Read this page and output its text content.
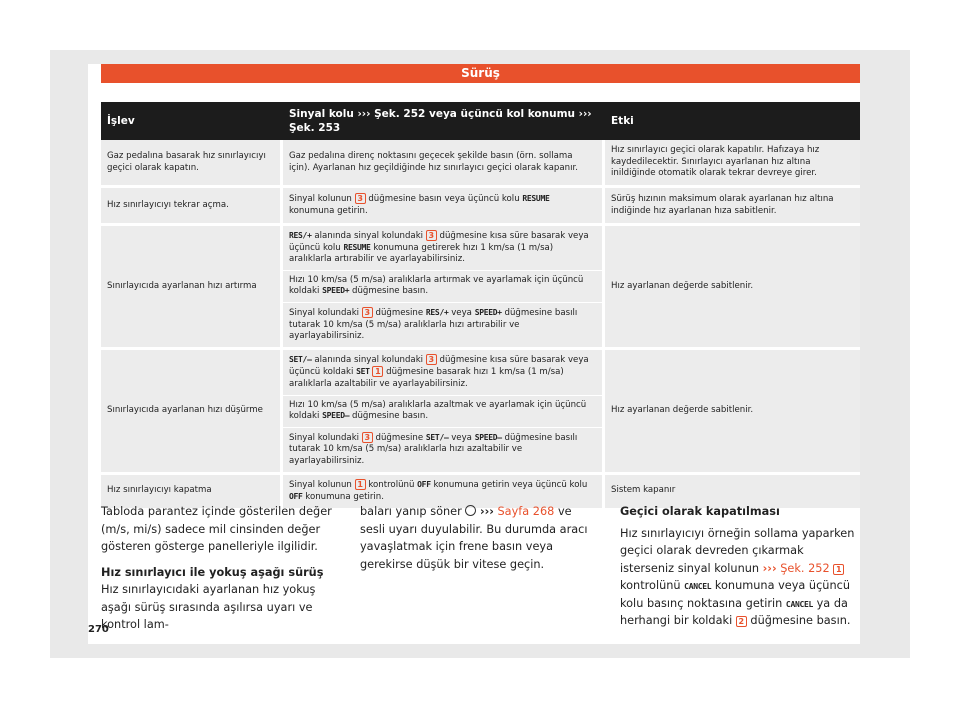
Sürüş
İşlev	Sinyal kolu ››› Şek. 252 veya üçüncü kol konumu ››› Şek. 253	Etki
Gaz pedalına basarak hız sınırlayıcıyı geçici olarak kapatın.	Gaz pedalına direnç noktasını geçecek şekilde basın (örn. sollama için). Ayarlanan hız geçildiğinde hız sınırlayıcı geçici olarak kapanır.	Hız sınırlayıcı geçici olarak kapatılır. Hafızaya hız kaydedilecektir. Sınırlayıcı ayarlanan hız altına inildiğinde otomatik olarak tekrar devreye girer.
Hız sınırlayıcıyı tekrar açma.	Sinyal kolunun 3 düğmesine basın veya üçüncü kolu RESUME konumuna getirin.	Sürüş hızının maksimum olarak ayarlanan hız altına indiğinde hız ayarlanan hıza sabitlenir.
Sınırlayıcıda ayarlanan hızı artırma	RES/+ alanında sinyal kolundaki 3 düğmesine kısa süre basarak veya üçüncü kolu RESUME konumuna getirerek hızı 1 km/sa (1 m/sa) aralıklarla artırabilir ve ayarlayabilirsiniz.	Hız ayarlanan değerde sabitlenir.
	Hızı 10 km/sa (5 m/sa) aralıklarla artırmak ve ayarlamak için üçüncü koldaki SPEED+ düğmesine basın.	
	Sinyal kolundaki 3 düğmesine RES/+ veya SPEED+ düğmesine basılı tutarak 10 km/sa (5 m/sa) aralıklarla hızı artırabilir ve ayarlayabilirsiniz.	
Sınırlayıcıda ayarlanan hızı düşürme	SET/– alanında sinyal kolundaki 3 düğmesine kısa süre basarak veya üçüncü koldaki SET 1 düğmesine basarak hızı 1 km/sa (1 m/sa) aralıklarla azaltabilir ve ayarlayabilirsiniz.	Hız ayarlanan değerde sabitlenir.
	Hızı 10 km/sa (5 m/sa) aralıklarla azaltmak ve ayarlamak için üçüncü koldaki SPEED– düğmesine basın.	
	Sinyal kolundaki 3 düğmesine SET/– veya SPEED– düğmesine basılı tutarak 10 km/sa (5 m/sa) aralıklarla hızı azaltabilir ve ayarlayabilirsiniz.	
Hız sınırlayıcıyı kapatma	Sinyal kolunun 1 kontrolünü OFF konumuna getirin veya üçüncü kolu OFF konumuna getirin.	Sistem kapanır

Tabloda parantez içinde gösterilen değer (m/s, mi/s) sadece mil cinsinden değer gösteren gösterge panelleriyle ilgilidir.

Hız sınırlayıcı ile yokuş aşağı sürüş

Hız sınırlayıcıdaki ayarlanan hız yokuş aşağı sürüş sırasında aşılırsa uyarı ve kontrol lam-

baları yanıp söner ››› Sayfa 268 ve sesli uyarı duyulabilir. Bu durumda aracı yavaşlatmak için frene basın veya gerekirse düşük bir vitese geçin.

Geçici olarak kapatılması

Hız sınırlayıcıyı örneğin sollama yaparken geçici olarak devreden çıkarmak isterseniz sinyal kolunun ››› Şek. 252 1 kontrolünü CANCEL konumuna veya üçüncü kolu basınç noktasına getirin CANCEL ya da herhangi bir koldaki 2 düğmesine basın.

270
